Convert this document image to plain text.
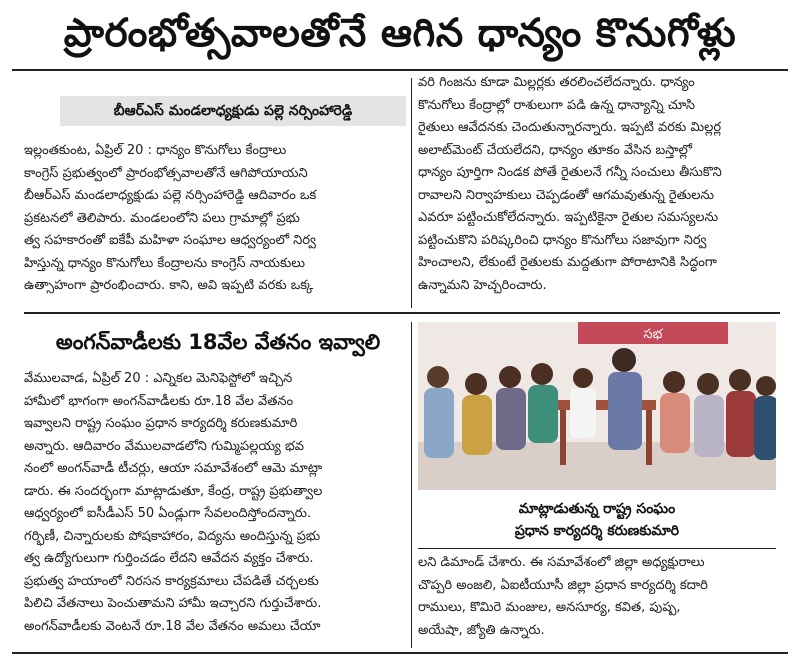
ప్రారంభోత్సవాలతోనే ఆగిన ధాన్యం కొనుగోళ్లు
బీఆర్ఎస్ మండలాధ్యక్షుడు పల్లె నర్సింహారెడ్డి
ఇల్లంతకుంట, ఏప్రిల్ 20 : ధాన్యం కొనుగోలు కేంద్రాలు
కాంగ్రెస్ ప్రభుత్వంలో ప్రారంభోత్సవాలతోనే ఆగిపోయాయని
బీఆర్ఎస్ మండలాధ్యక్షుడు పల్లె నర్సింహారెడ్డి ఆదివారం ఒక
ప్రకటనలో తెలిపారు. మండలంలోని పలు గ్రామాల్లో ప్రభు
త్వ సహకారంతో ఐకేపీ మహిళా సంఘాల ఆధ్వర్యంలో నిర్వ
హిస్తున్న ధాన్యం కొనుగోలు కేంద్రాలను కాంగ్రెస్ నాయకులు
ఉత్సాహంగా ప్రారంభించారు. కాని, అవి ఇప్పటి వరకు ఒక్క
వరి గింజను కూడా మిల్లర్లకు తరలించలేదన్నారు. ధాన్యం
కొనుగోలు కేంద్రాల్లో రాశులుగా పడి ఉన్న ధాన్యాన్ని చూసి
రైతులు ఆవేదనకు చెందుతున్నారన్నారు. ఇప్పటి వరకు మిల్లర్ల
అలాట్‌మెంట్ చేయలేదని, ధాన్యం తూకం వేసిన బస్తాల్లో
ధాన్యం పూర్తిగా నిండక పోతే రైతులనే గన్నీ సంచులు తీసుకొని
రావాలని నిర్వాహకులు చెప్పడంతో ఆగమవుతున్న రైతులను
ఎవరూ పట్టించుకోలేదన్నారు. ఇప్పటికైనా రైతుల సమస్యలను
పట్టించుకొని పరిష్కరించి ధాన్యం కొనుగోలు సజావుగా నిర్వ
హించాలని, లేకుంటే రైతులకు మద్దతుగా పోరాటానికి సిద్ధంగా
ఉన్నామని హెచ్చరించారు.
అంగన్‌వాడీలకు 18వేల వేతనం ఇవ్వాలి
వేములవాడ, ఏప్రిల్ 20 : ఎన్నికల మెనిఫెస్టోలో ఇచ్చిన
హామీలో భాగంగా అంగన్‌వాడీలకు రూ.18 వేల వేతనం
ఇవ్వాలని రాష్ట్ర సంఘం ప్రధాన కార్యదర్శి కరుణకుమారి
అన్నారు. ఆదివారం వేములవాడలోని గుమ్మిపల్లయ్య భవ
నంలో అంగన్‌వాడీ టీచర్లు, ఆయా సమావేశంలో ఆమె మాట్లా
డారు. ఈ సందర్భంగా మాట్లాడుతూ, కేంద్ర, రాష్ట్ర ప్రభుత్వాల
ఆధ్వర్యంలో ఐసీడీఎస్ 50 ఏండ్లుగా సేవలందిస్తోందన్నారు.
గర్భిణీ, చిన్నారులకు పోషకాహారం, విద్యను అందిస్తున్న ప్రభు
త్వ ఉద్యోగులుగా గుర్తించడం లేదని ఆవేదన వ్యక్తం చేశారు.
ప్రభుత్వ హయాంలో నిరసన కార్యక్రమాలు చేపడితే చర్చలకు
పిలిచి వేతనాలు పెంచుతామని హామీ ఇచ్చారని గుర్తుచేశారు.
అంగన్‌వాడీలకు వెంటనే రూ.18 వేల వేతనం అమలు చేయా
సభ
మాట్లాడుతున్న రాష్ట్ర సంఘం
ప్రధాన కార్యదర్శి కరుణకుమారి
లని డిమాండ్ చేశారు. ఈ సమావేశంలో జిల్లా అధ్యక్షురాలు
చొప్పరి అంజలి, ఏఐటీయూసీ జిల్లా ప్రధాన కార్యదర్శి కదారి
రాములు, కొమిరె మంజుల, అనసూర్య, కవిత, పుష్ప,
అయేషా, జ్యోతి ఉన్నారు.
